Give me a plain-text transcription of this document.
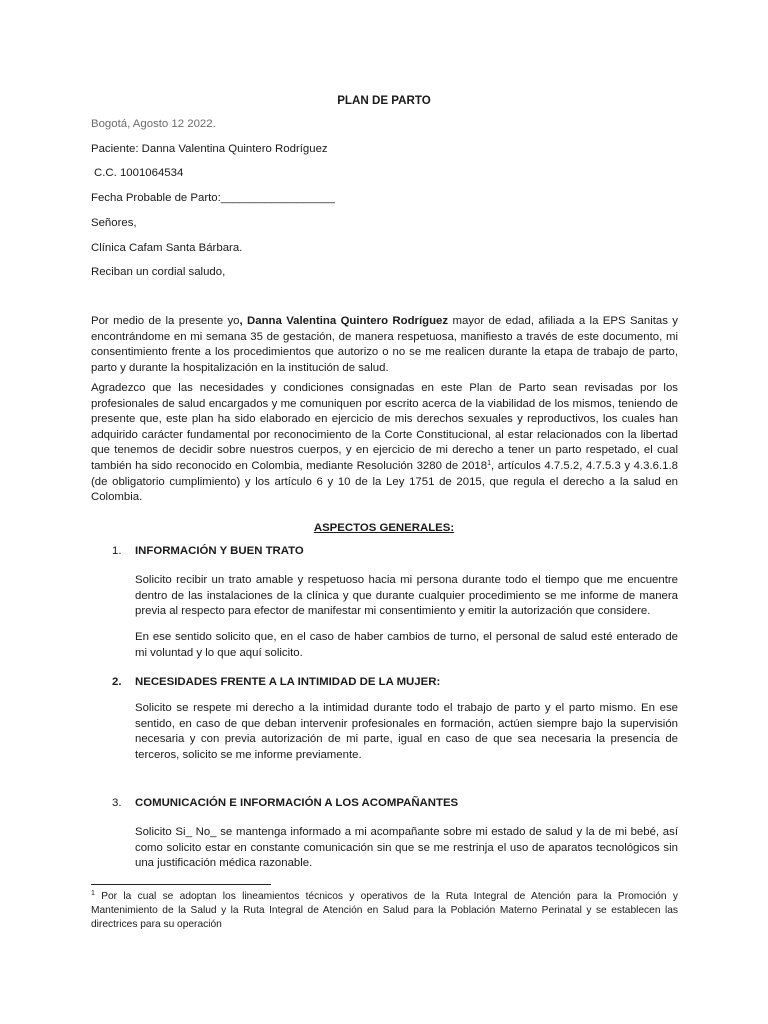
PLAN DE PARTO
Bogotá, Agosto 12 2022.
Paciente: Danna Valentina Quintero Rodríguez
C.C. 1001064534
Fecha Probable de Parto:__________________
Señores,
Clínica Cafam Santa Bárbara.
Reciban un cordial saludo,
Por medio de la presente yo, Danna Valentina Quintero Rodríguez mayor de edad, afiliada a la EPS Sanitas y encontrándome en mi semana 35 de gestación, de manera respetuosa, manifiesto a través de este documento, mi consentimiento frente a los procedimientos que autorizo o no se me realicen durante la etapa de trabajo de parto, parto y durante la hospitalización en la institución de salud.
Agradezco que las necesidades y condiciones consignadas en este Plan de Parto sean revisadas por los profesionales de salud encargados y me comuniquen por escrito acerca de la viabilidad de los mismos, teniendo de presente que, este plan ha sido elaborado en ejercicio de mis derechos sexuales y reproductivos, los cuales han adquirido carácter fundamental por reconocimiento de la Corte Constitucional, al estar relacionados con la libertad que tenemos de decidir sobre nuestros cuerpos, y en ejercicio de mi derecho a tener un parto respetado, el cual también ha sido reconocido en Colombia, mediante Resolución 3280 de 2018$^1$, artículos 4.7.5.2, 4.7.5.3 y 4.3.6.1.8 (de obligatorio cumplimiento) y los artículo 6 y 10 de la Ley 1751 de 2015, que regula el derecho a la salud en Colombia.
ASPECTOS GENERALES:
1. INFORMACIÓN Y BUEN TRATO
Solicito recibir un trato amable y respetuoso hacia mi persona durante todo el tiempo que me encuentre dentro de las instalaciones de la clínica y que durante cualquier procedimiento se me informe de manera previa al respecto para efector de manifestar mi consentimiento y emitir la autorización que considere.
En ese sentido solicito que, en el caso de haber cambios de turno, el personal de salud esté enterado de mi voluntad y lo que aquí solicito.
2. NECESIDADES FRENTE A LA INTIMIDAD DE LA MUJER:
Solicito se respete mi derecho a la intimidad durante todo el trabajo de parto y el parto mismo. En ese sentido, en caso de que deban intervenir profesionales en formación, actúen siempre bajo la supervisión necesaria y con previa autorización de mi parte, igual en caso de que sea necesaria la presencia de terceros, solicito se me informe previamente.
3. COMUNICACIÓN E INFORMACIÓN A LOS ACOMPAÑANTES
Solicito Si_ No_ se mantenga informado a mi acompañante sobre mi estado de salud y la de mi bebé, así como solicito estar en constante comunicación sin que se me restrinja el uso de aparatos tecnológicos sin una justificación médica razonable.
$^1$ Por la cual se adoptan los lineamientos técnicos y operativos de la Ruta Integral de Atención para la Promoción y Mantenimiento de la Salud y la Ruta Integral de Atención en Salud para la Población Materno Perinatal y se establecen las directrices para su operación
